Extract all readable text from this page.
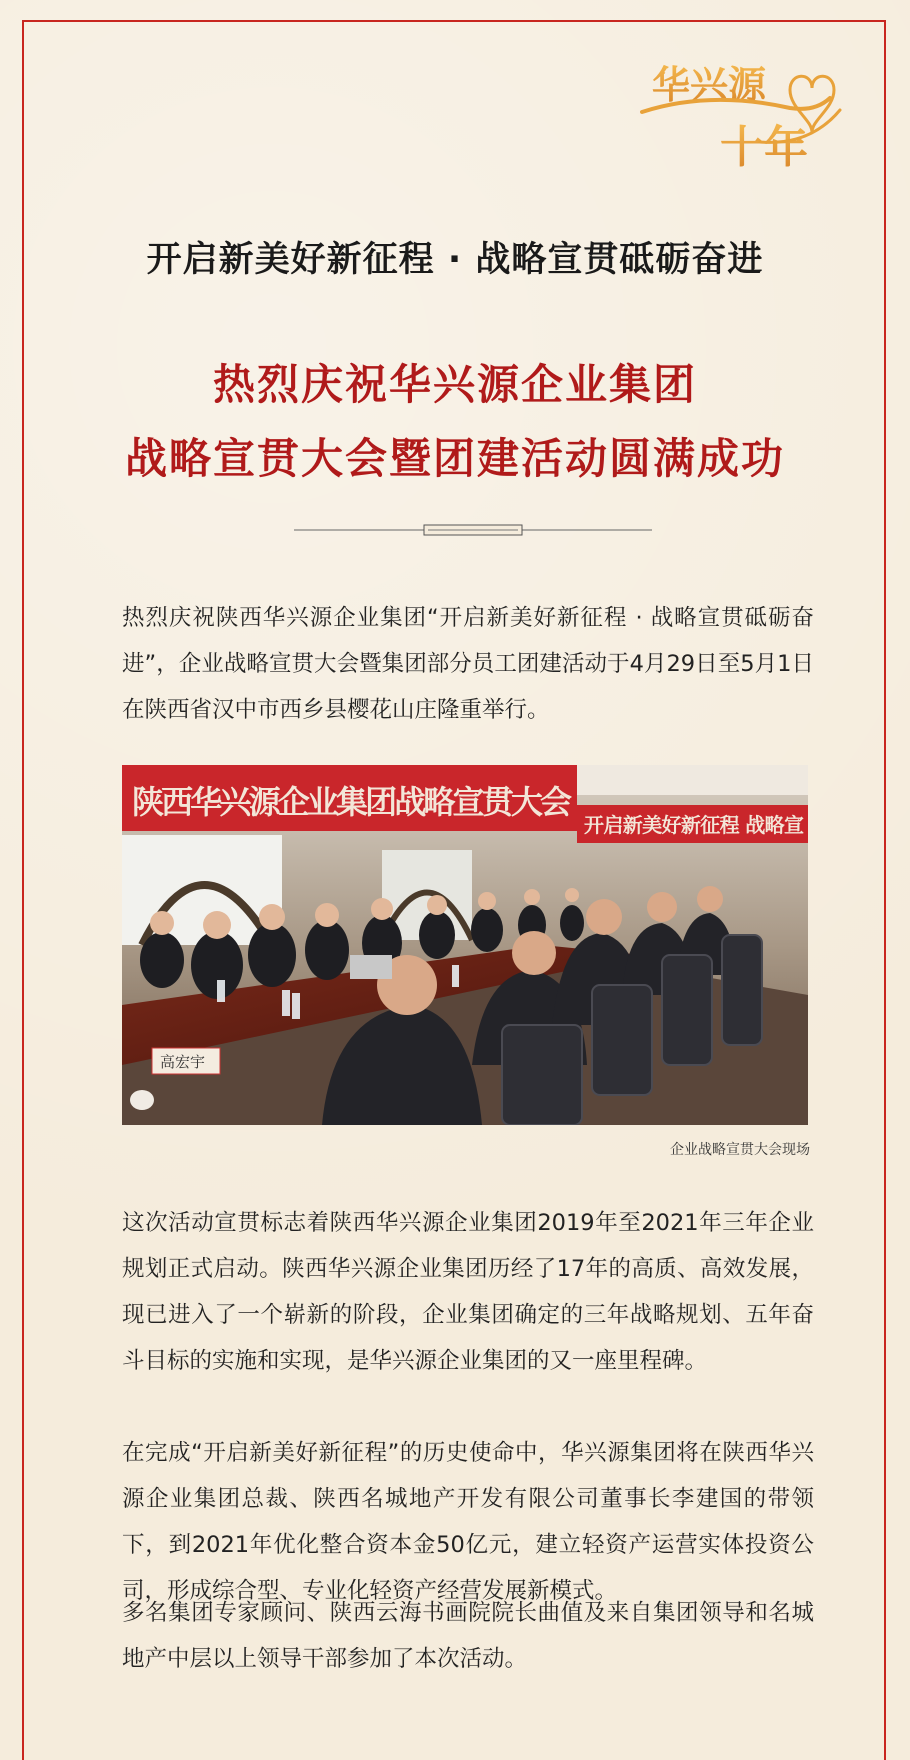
华兴源
十年
开启新美好新征程 · 战略宣贯砥砺奋进
热烈庆祝华兴源企业集团
战略宣贯大会暨团建活动圆满成功

热烈庆祝陕西华兴源企业集团“开启新美好新征程 · 战略宣贯砥砺奋进”，企业战略宣贯大会暨集团部分员工团建活动于4月29日至5月1日在陕西省汉中市西乡县樱花山庄隆重举行。

陕西华兴源企业集团战略宣贯大会
开启新美好新征程 战略宣
高宏宇
企业战略宣贯大会现场

这次活动宣贯标志着陕西华兴源企业集团2019年至2021年三年企业规划正式启动。陕西华兴源企业集团历经了17年的高质、高效发展，现已进入了一个崭新的阶段，企业集团确定的三年战略规划、五年奋斗目标的实施和实现，是华兴源企业集团的又一座里程碑。

在完成“开启新美好新征程”的历史使命中，华兴源集团将在陕西华兴源企业集团总裁、陕西名城地产开发有限公司董事长李建国的带领下，到2021年优化整合资本金50亿元，建立轻资产运营实体投资公司，形成综合型、专业化轻资产经营发展新模式。

多名集团专家顾问、陕西云海书画院院长曲值及来自集团领导和名城地产中层以上领导干部参加了本次活动。
